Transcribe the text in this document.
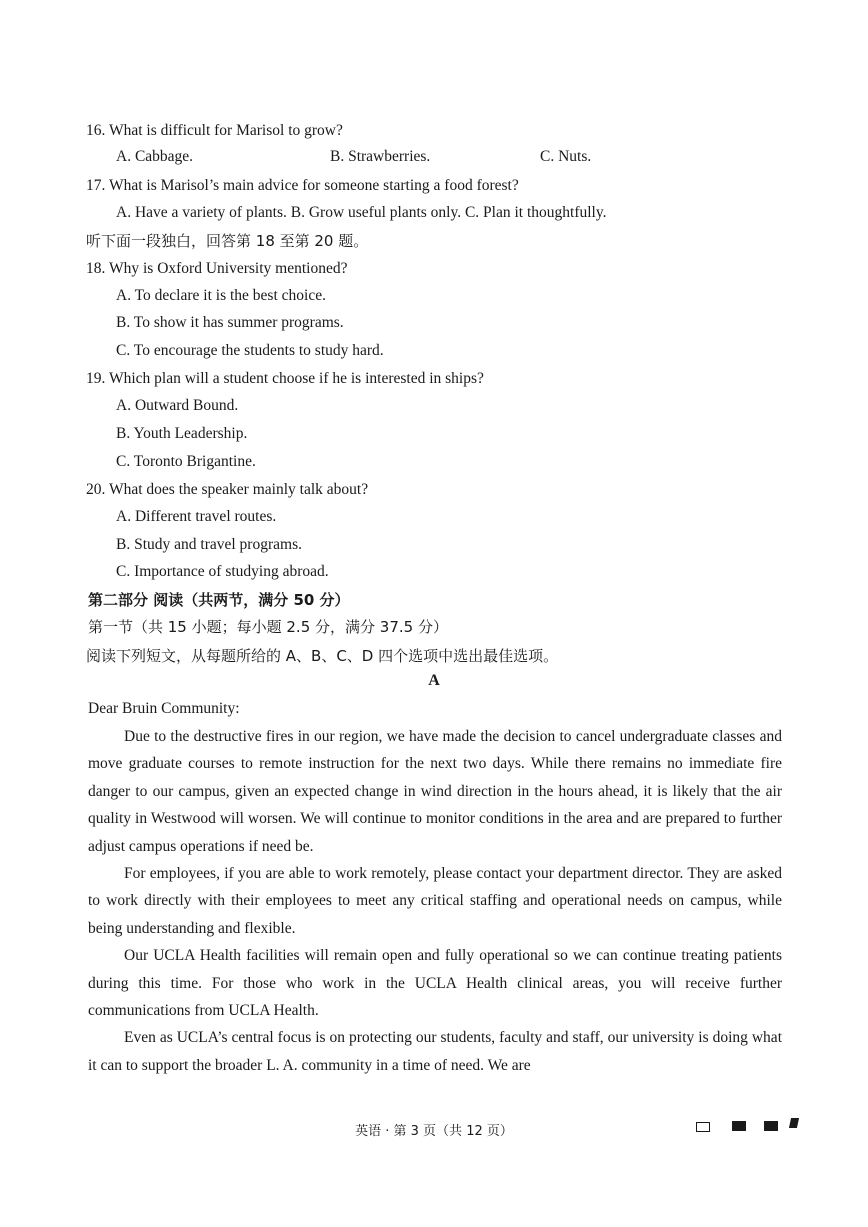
16. What is difficult for Marisol to grow?
A. Cabbage.	B. Strawberries.	C. Nuts.
17. What is Marisol’s main advice for someone starting a food forest?
A. Have a variety of plants. B. Grow useful plants only. C. Plan it thoughtfully.
听下面一段独白，回答第 18 至第 20 题。
18. Why is Oxford University mentioned?
A. To declare it is the best choice.
B. To show it has summer programs.
C. To encourage the students to study hard.
19. Which plan will a student choose if he is interested in ships?
A. Outward Bound.
B. Youth Leadership.
C. Toronto Brigantine.
20. What does the speaker mainly talk about?
A. Different travel routes.
B. Study and travel programs.
C. Importance of studying abroad.
第二部分 阅读（共两节，满分 50 分）
第一节（共 15 小题；每小题 2.5 分，满分 37.5 分）
阅读下列短文，从每题所给的 A、B、C、D 四个选项中选出最佳选项。
A
Dear Bruin Community:

Due to the destructive fires in our region, we have made the decision to cancel undergraduate classes and move graduate courses to remote instruction for the next two days. While there remains no immediate fire danger to our campus, given an expected change in wind direction in the hours ahead, it is likely that the air quality in Westwood will worsen. We will continue to monitor conditions in the area and are prepared to further adjust campus operations if need be.

For employees, if you are able to work remotely, please contact your department director. They are asked to work directly with their employees to meet any critical staffing and operational needs on campus, while being understanding and flexible.

Our UCLA Health facilities will remain open and fully operational so we can continue treating patients during this time. For those who work in the UCLA Health clinical areas, you will receive further communications from UCLA Health.

Even as UCLA’s central focus is on protecting our students, faculty and staff, our university is doing what it can to support the broader L. A. community in a time of need. We are

英语 · 第 3 页（共 12 页）
